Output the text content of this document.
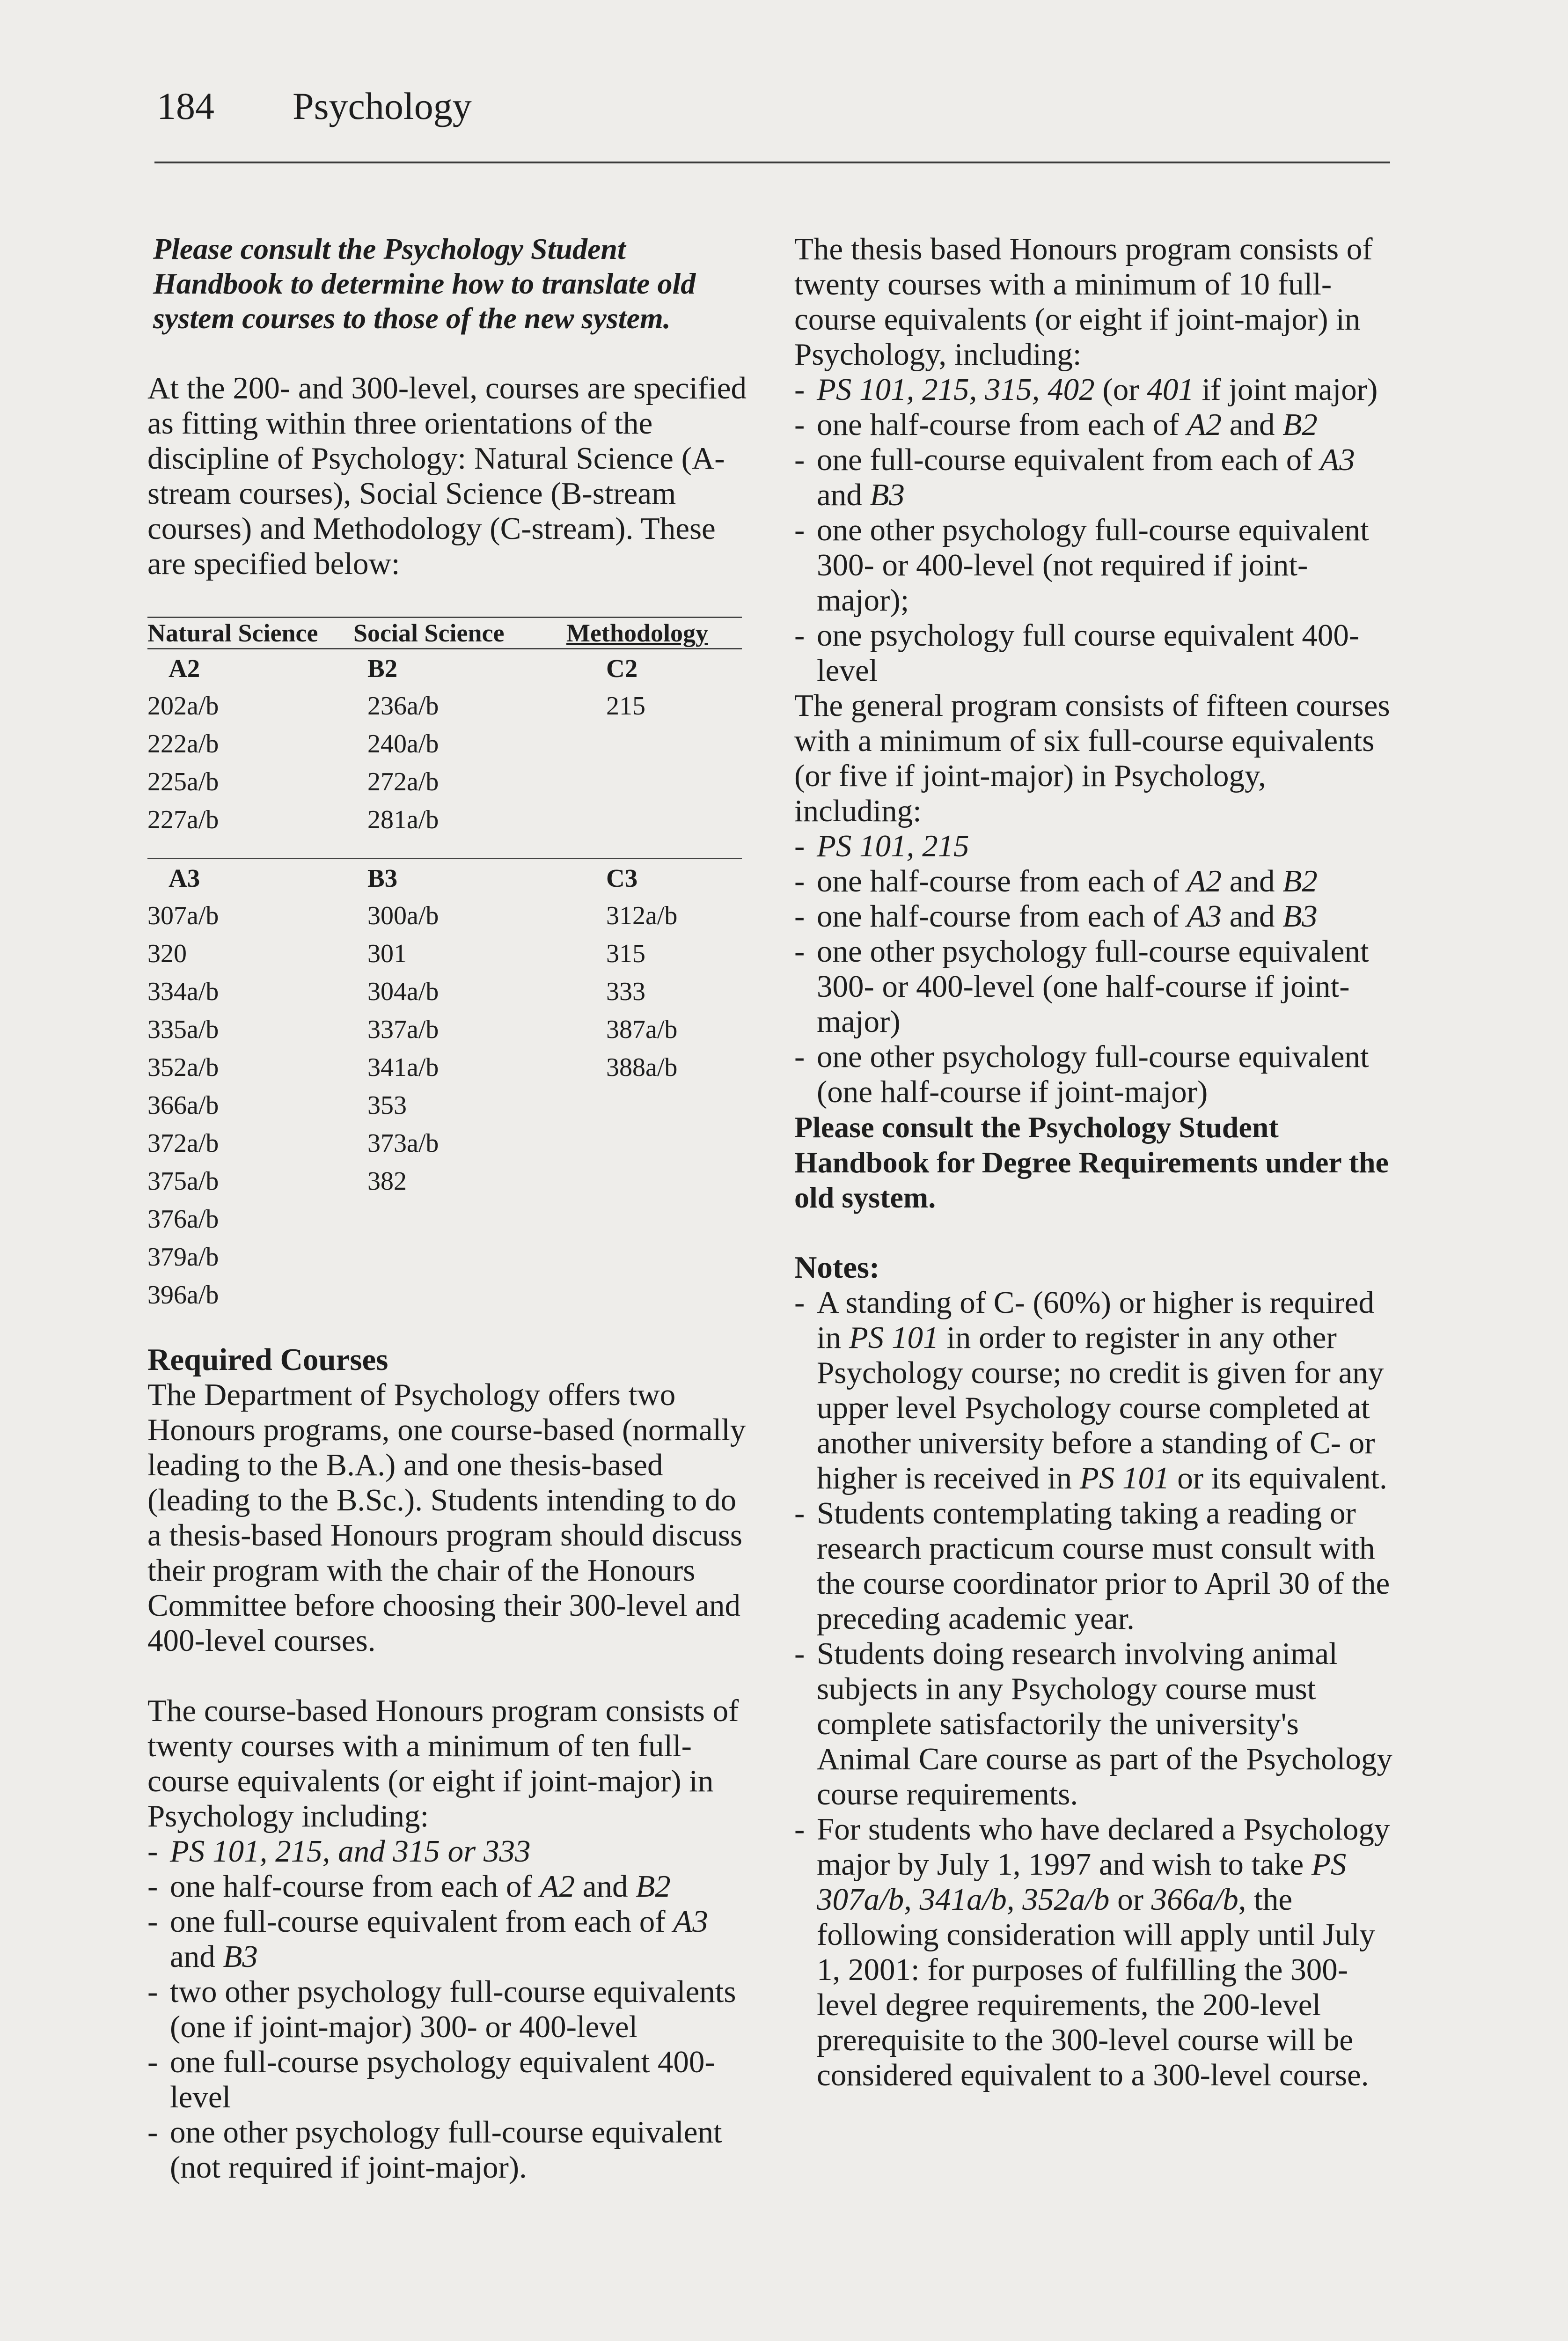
184 Psychology

Please consult the Psychology Student Handbook to determine how to translate old system courses to those of the new system.

At the 200- and 300-level, courses are specified as fitting within three orientations of the discipline of Psychology: Natural Science (A-stream courses), Social Science (B-stream courses) and Methodology (C-stream). These are specified below:

Natural Science	Social Science	Methodology
A2	B2	C2
202a/b	236a/b	215
222a/b	240a/b
225a/b	272a/b
227a/b	281a/b
A3	B3	C3
307a/b	300a/b	312a/b
320	301	315
334a/b	304a/b	333
335a/b	337a/b	387a/b
352a/b	341a/b	388a/b
366a/b	353
372a/b	373a/b
375a/b	382
376a/b
379a/b
396a/b

Required Courses

The Department of Psychology offers two Honours programs, one course-based (normally leading to the B.A.) and one thesis-based (leading to the B.Sc.). Students intending to do a thesis-based Honours program should discuss their program with the chair of the Honours Committee before choosing their 300-level and 400-level courses.

The course-based Honours program consists of twenty courses with a minimum of ten full-course equivalents (or eight if joint-major) in Psychology including:

- PS 101, 215, and 315 or 333
- one half-course from each of A2 and B2
- one full-course equivalent from each of A3 and B3
- two other psychology full-course equivalents (one if joint-major) 300- or 400-level
- one full-course psychology equivalent 400-level
- one other psychology full-course equivalent (not required if joint-major).

The thesis based Honours program consists of twenty courses with a minimum of 10 full-course equivalents (or eight if joint-major) in Psychology, including:

- PS 101, 215, 315, 402 (or 401 if joint major)
- one half-course from each of A2 and B2
- one full-course equivalent from each of A3 and B3
- one other psychology full-course equivalent 300- or 400-level (not required if joint-major);
- one psychology full course equivalent 400-level

The general program consists of fifteen courses with a minimum of six full-course equivalents (or five if joint-major) in Psychology, including:

- PS 101, 215
- one half-course from each of A2 and B2
- one half-course from each of A3 and B3
- one other psychology full-course equivalent 300- or 400-level (one half-course if joint-major)
- one other psychology full-course equivalent (one half-course if joint-major)

Please consult the Psychology Student Handbook for Degree Requirements under the old system.

Notes:

- A standing of C- (60%) or higher is required in PS 101 in order to register in any other Psychology course; no credit is given for any upper level Psychology course completed at another university before a standing of C- or higher is received in PS 101 or its equivalent.
- Students contemplating taking a reading or research practicum course must consult with the course coordinator prior to April 30 of the preceding academic year.
- Students doing research involving animal subjects in any Psychology course must complete satisfactorily the university's Animal Care course as part of the Psychology course requirements.
- For students who have declared a Psychology major by July 1, 1997 and wish to take PS 307a/b, 341a/b, 352a/b or 366a/b, the following consideration will apply until July 1, 2001: for purposes of fulfilling the 300-level degree requirements, the 200-level prerequisite to the 300-level course will be considered equivalent to a 300-level course.
